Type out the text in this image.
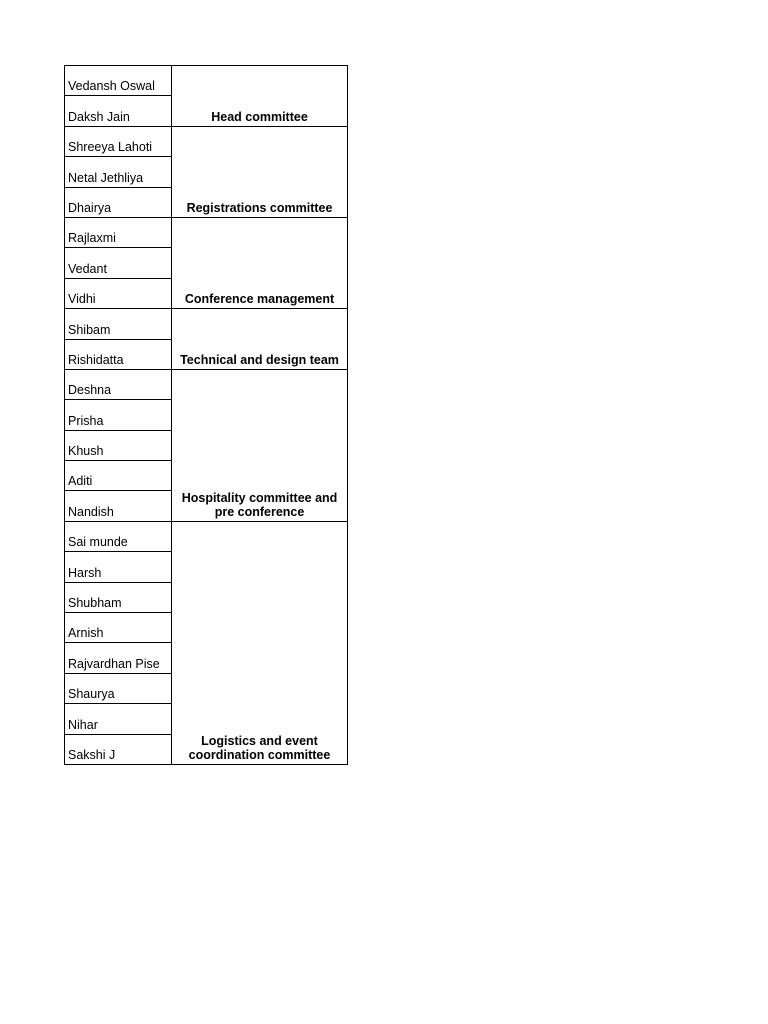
Vedansh Oswal	Head committee
Daksh Jain	
Shreeya Lahoti	Registrations committee
Netal Jethliya	
Dhairya	
Rajlaxmi	Conference management
Vedant	
Vidhi	
Shibam	Technical and design team
Rishidatta	
Deshna	Hospitality committee and pre conference
Prisha	
Khush	
Aditi	
Nandish	
Sai munde	Logistics and event coordination committee
Harsh	
Shubham	
Arnish	
Rajvardhan Pise	
Shaurya	
Nihar	
Sakshi J	
